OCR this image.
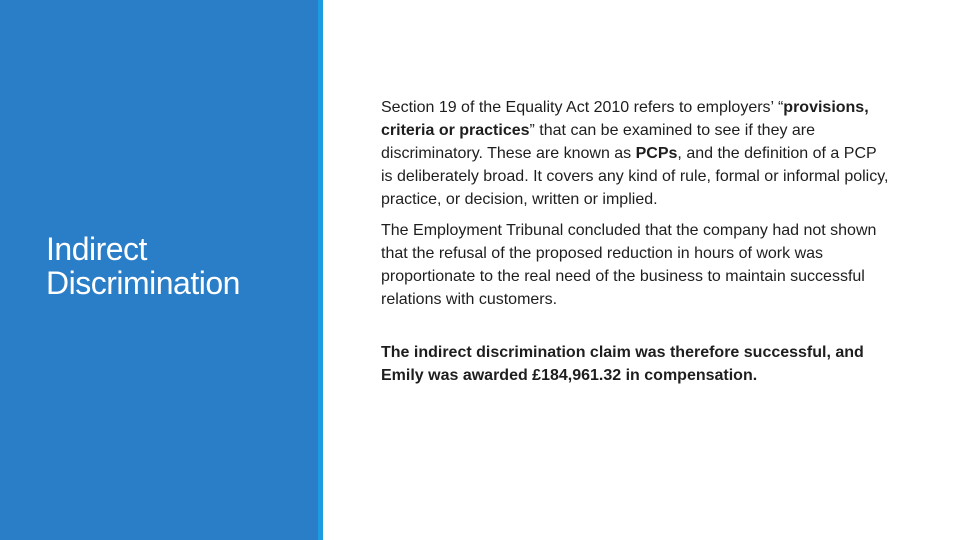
Indirect
Discrimination

Section 19 of the Equality Act 2010 refers to employers’ “provisions, criteria or practices” that can be examined to see if they are discriminatory. These are known as PCPs, and the definition of a PCP is deliberately broad. It covers any kind of rule, formal or informal policy, practice, or decision, written or implied.

The Employment Tribunal concluded that the company had not shown that the refusal of the proposed reduction in hours of work was proportionate to the real need of the business to maintain successful relations with customers.

The indirect discrimination claim was therefore successful, and Emily was awarded £184,961.32 in compensation.
